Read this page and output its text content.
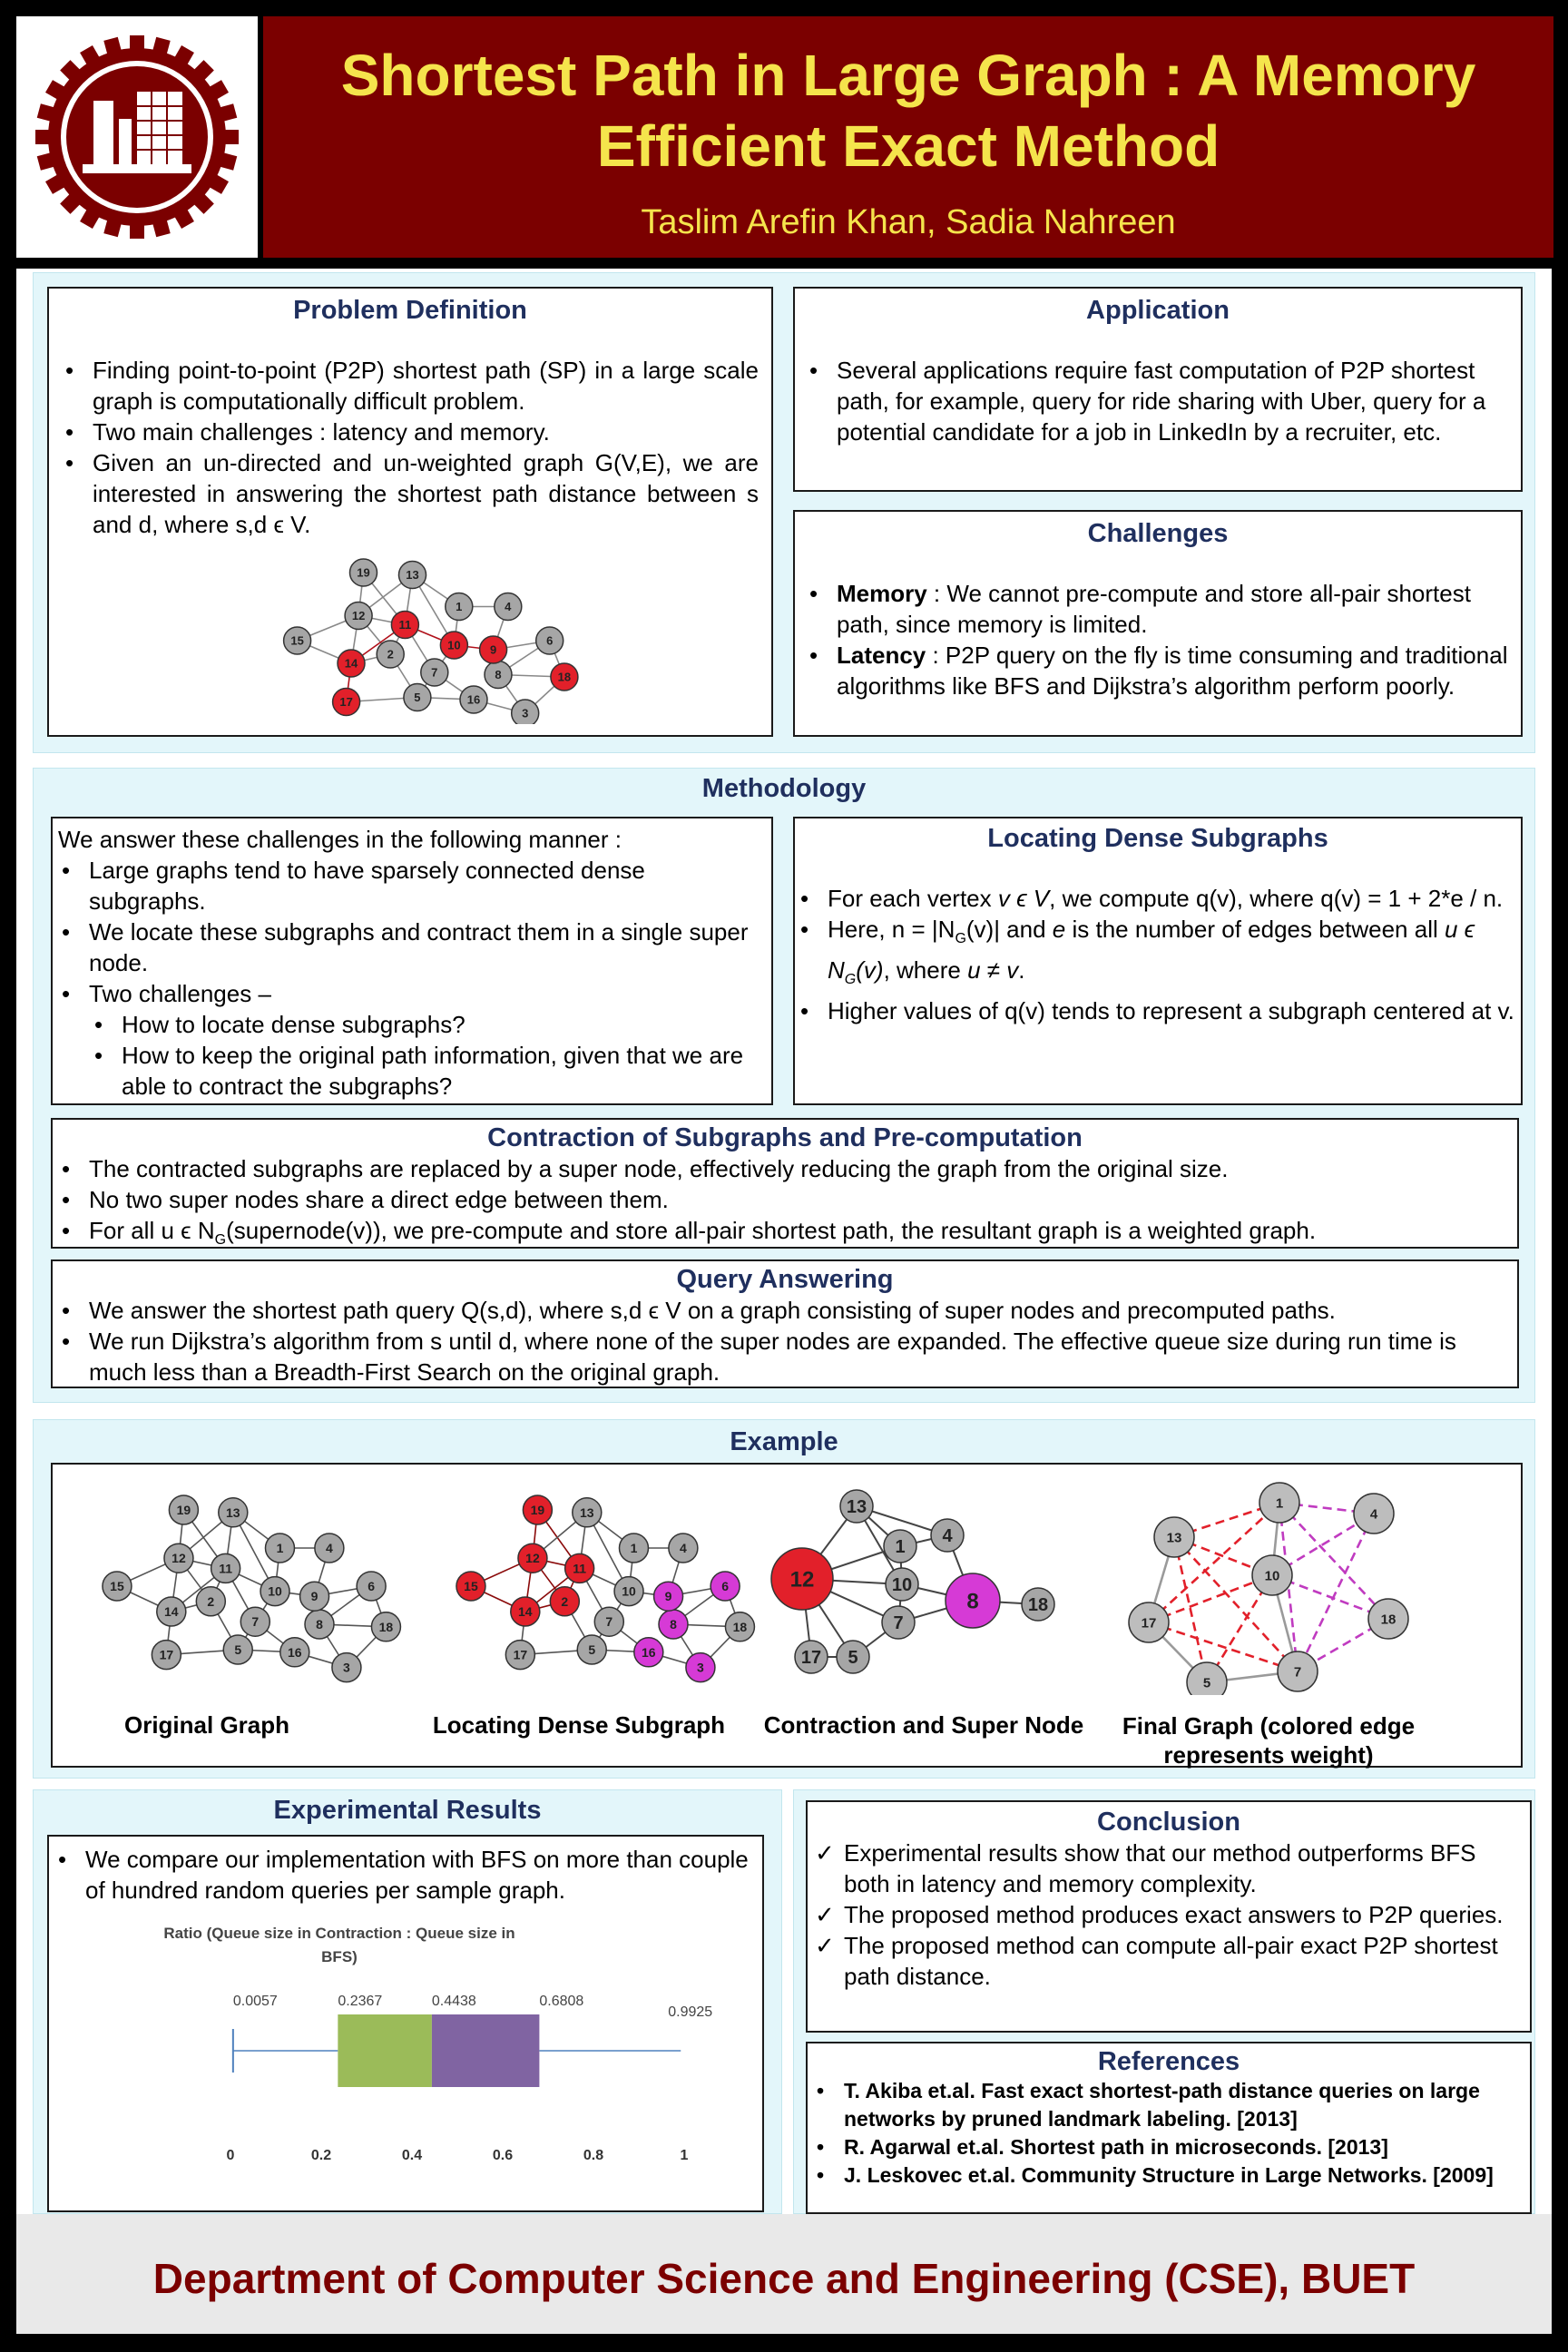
Shortest Path in Large Graph : A Memory Efficient Exact Method

Taslim Arefin Khan, Sadia Nahreen

Problem Definition

• Finding point-to-point (P2P) shortest path (SP) in a large scale graph is computationally difficult problem.
• Two main challenges : latency and memory.
• Given an un-directed and un-weighted graph G(V,E), we are interested in answering the shortest path distance between s and d, where s,d ϵ V.
1
2
3
4
5
6
7	8
9
10
11
12
13
14
15
16
17
18
19

Application

• Several applications require fast computation of P2P shortest path, for example, query for ride sharing with Uber, query for a potential candidate for a job in LinkedIn by a recruiter, etc.

Challenges

• Memory : We cannot pre-compute and store all-pair shortest path, since memory is limited.
• Latency : P2P query on the fly is time consuming and traditional algorithms like BFS and Dijkstra’s algorithm perform poorly.

Methodology

We answer these challenges in the following manner :

• Large graphs tend to have sparsely connected dense subgraphs.
• We locate these subgraphs and contract them in a single super node.
• Two challenges –
• How to locate dense subgraphs?
• How to keep the original path information, given that we are able to contract the subgraphs?

Locating Dense Subgraphs

• For each vertex v ϵ V, we compute q(v), where q(v) = 1 + 2*e / n.
• Here, $n = |N_G(v)|$ and e is the number of edges between all u ϵ $N_G(v)$, where u ≠ v.
• Higher values of q(v) tends to represent a subgraph centered at v.

Contraction of Subgraphs and Pre-computation

• The contracted subgraphs are replaced by a super node, effectively reducing the graph from the original size.
• No two super nodes share a direct edge between them.
• For all u ϵ $N_G(supernode(v))$, we pre-compute and store all-pair shortest path, the resultant graph is a weighted graph.

Query Answering

• We answer the shortest path query Q(s,d), where s,d ϵ V on a graph consisting of super nodes and precomputed paths.
• We run Dijkstra’s algorithm from s until d, where none of the super nodes are expanded. The effective queue size during run time is much less than a Breadth-First Search on the original graph.

Example

1
2
3
4
5
6
7	8
9
10
11
12
13
14
15
16
17
18
19
1
2
3
4
5
6
7	8
9
10
11
12
13
14
15
16
17
18
19
1
4
5
7
8
10
12
13
17
18
1
4
5
7
10
13
17	18
Original Graph	Locating Dense Subgraph	Contraction and Super Node	Final Graph (colored edge represents weight)

Experimental Results

• We compare our implementation with BFS on more than couple of hundred random queries per sample graph.
Ratio (Queue size in Contraction : Queue size in
BFS)
0.0057	0.2367	0.4438	0.6808
0.9925
0	0.2	0.4	0.6	0.8	1

Conclusion

✓ Experimental results show that our method outperforms BFS both in latency and memory complexity.
✓ The proposed method produces exact answers to P2P queries.
✓ The proposed method can compute all-pair exact P2P shortest path distance.

References

• T. Akiba et.al. Fast exact shortest-path distance queries on large networks by pruned landmark labeling. [2013]
• R. Agarwal et.al. Shortest path in microseconds. [2013]
• J. Leskovec et.al. Community Structure in Large Networks. [2009]

Department of Computer Science and Engineering (CSE), BUET
